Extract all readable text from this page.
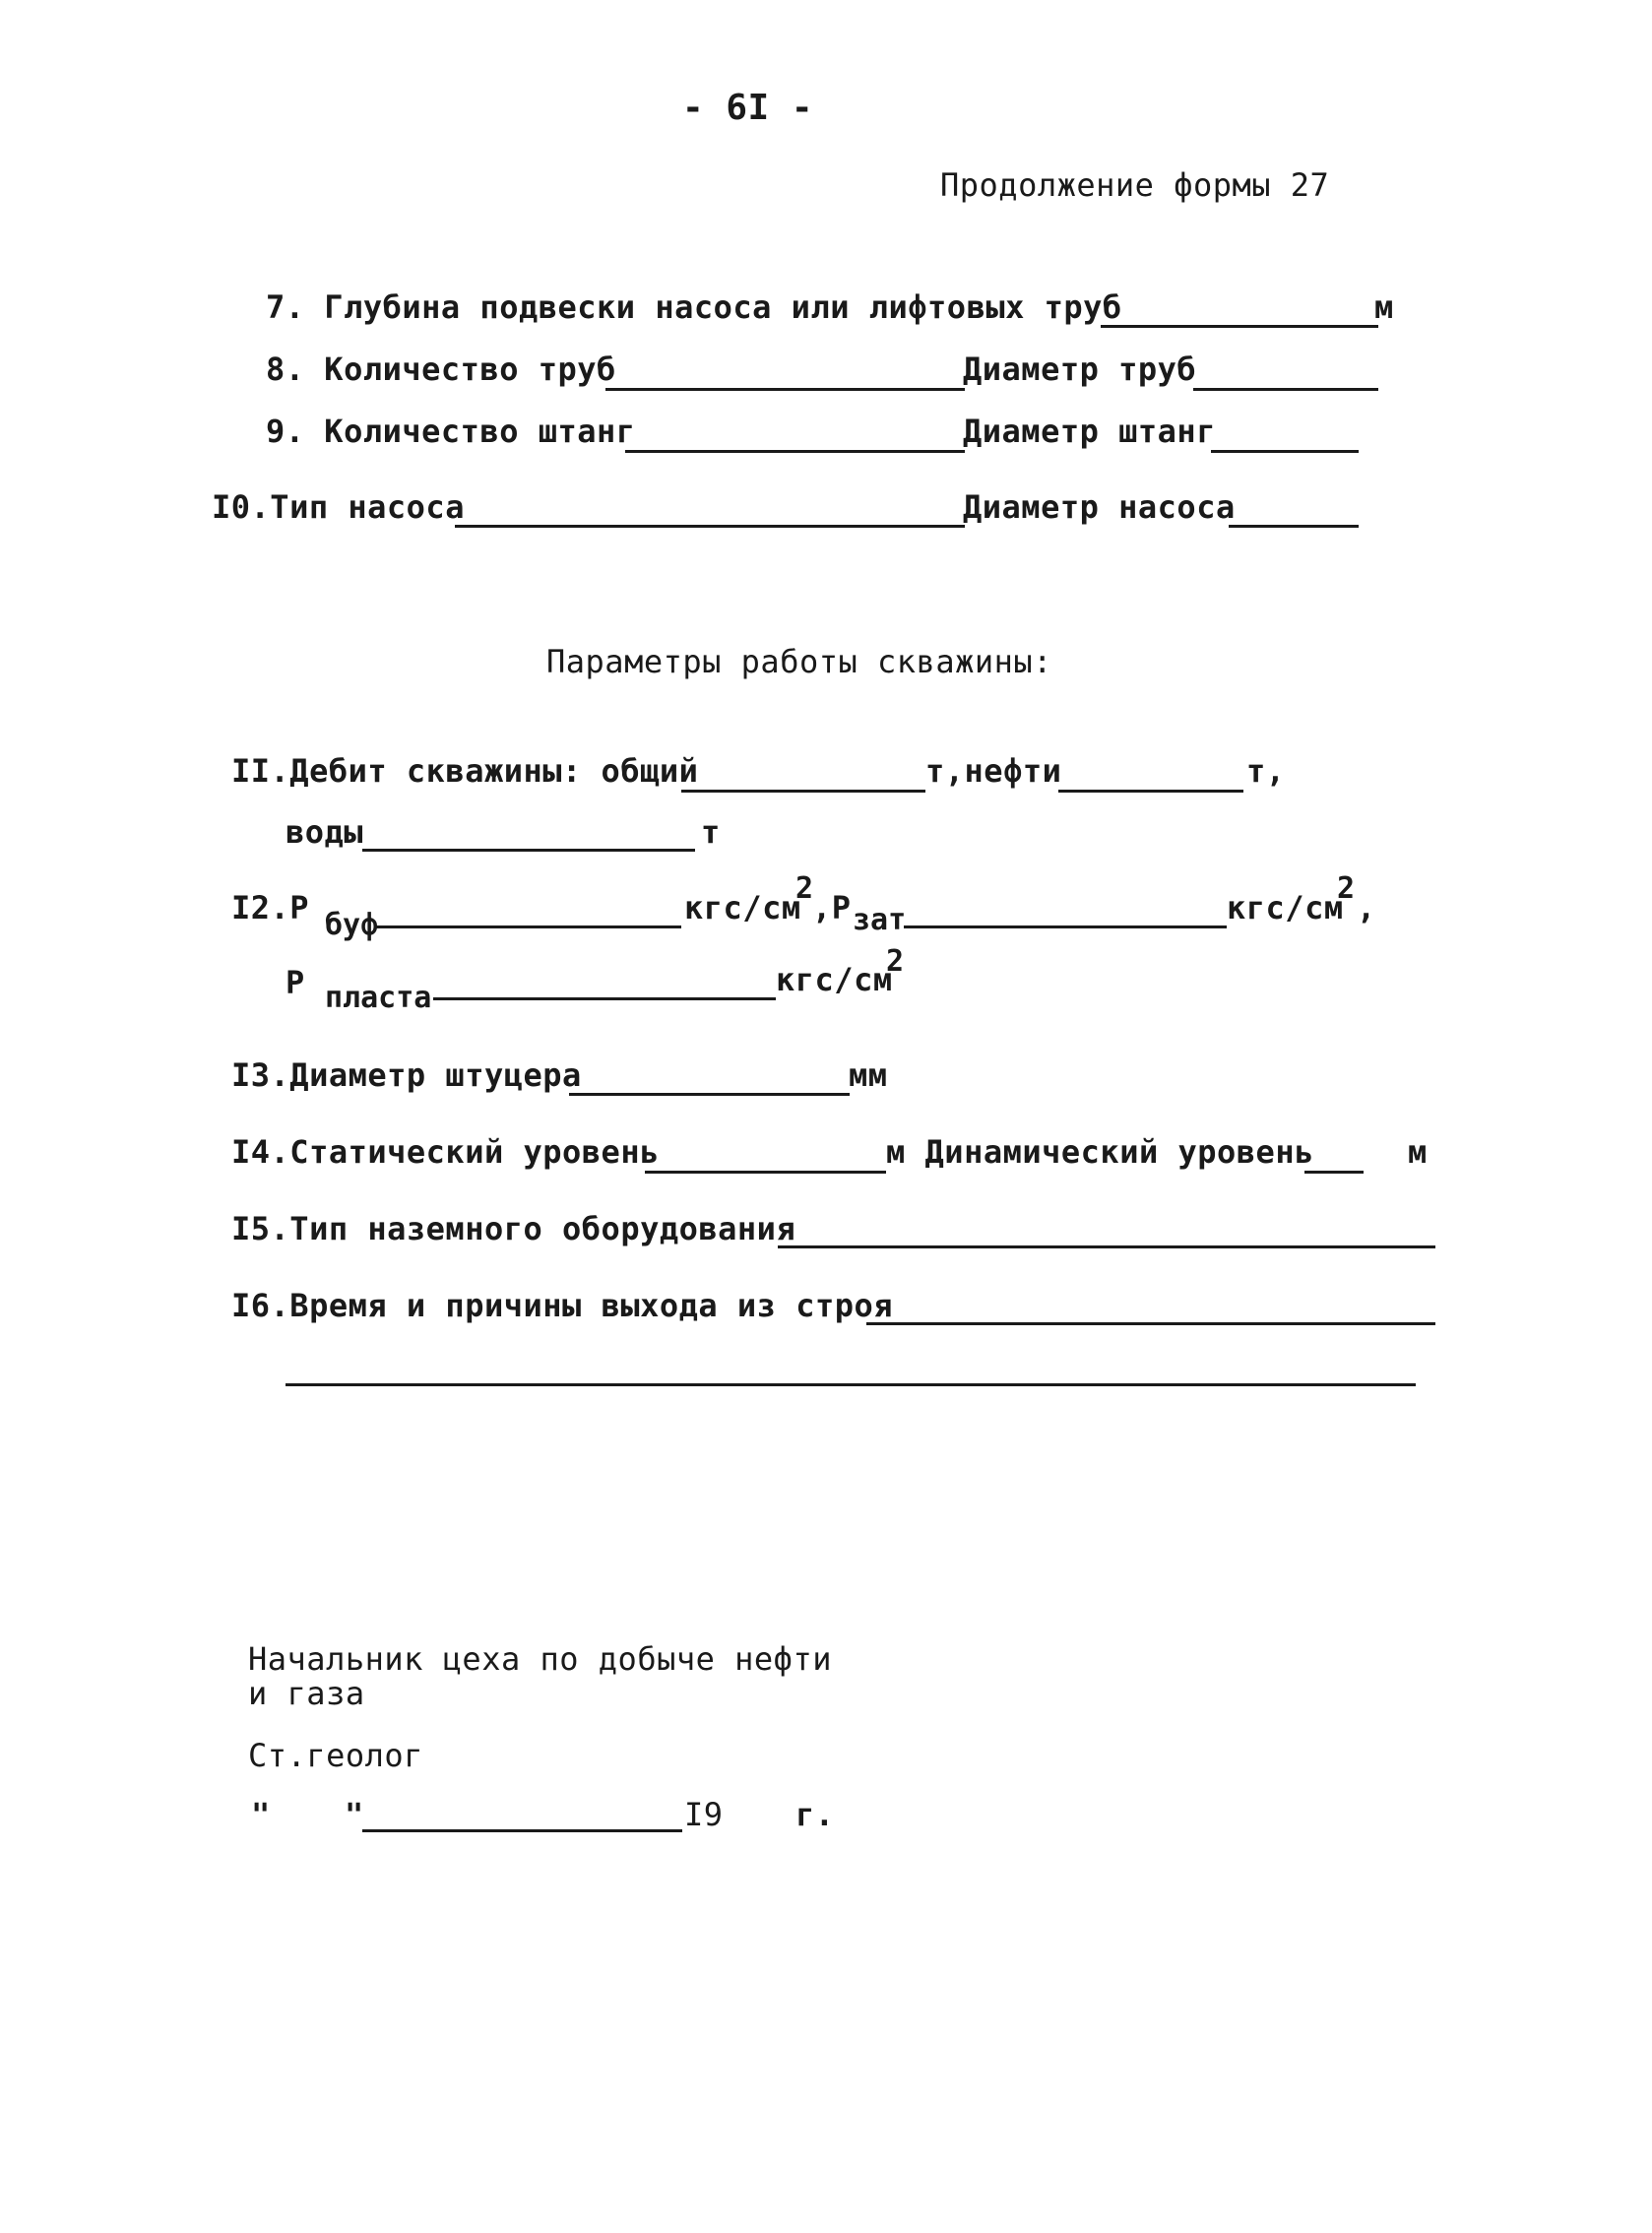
- 6I -
Продолжение формы 27
7. Глубина подвески насоса или лифтовых труб	м
8. Количество труб	Диаметр труб
9. Количество штанг	Диаметр штанг
I0.Тип насоса	Диаметр насоса
Параметры работы скважины:
II.Дебит скважины: общий	т,нефти	т,
воды	т
I2.Р буф	кгс/см
2
,Р зат	кгс/см
2
,
Р пласта	кгс/см
2
I3.Диаметр штуцера	мм
I4.Статический уровень	м Динамический уровень	м
I5.Тип наземного оборудования
I6.Время и причины выхода из строя
Начальник цеха по добыче нефти
и газа
Ст.геолог
" "	I9 г.
